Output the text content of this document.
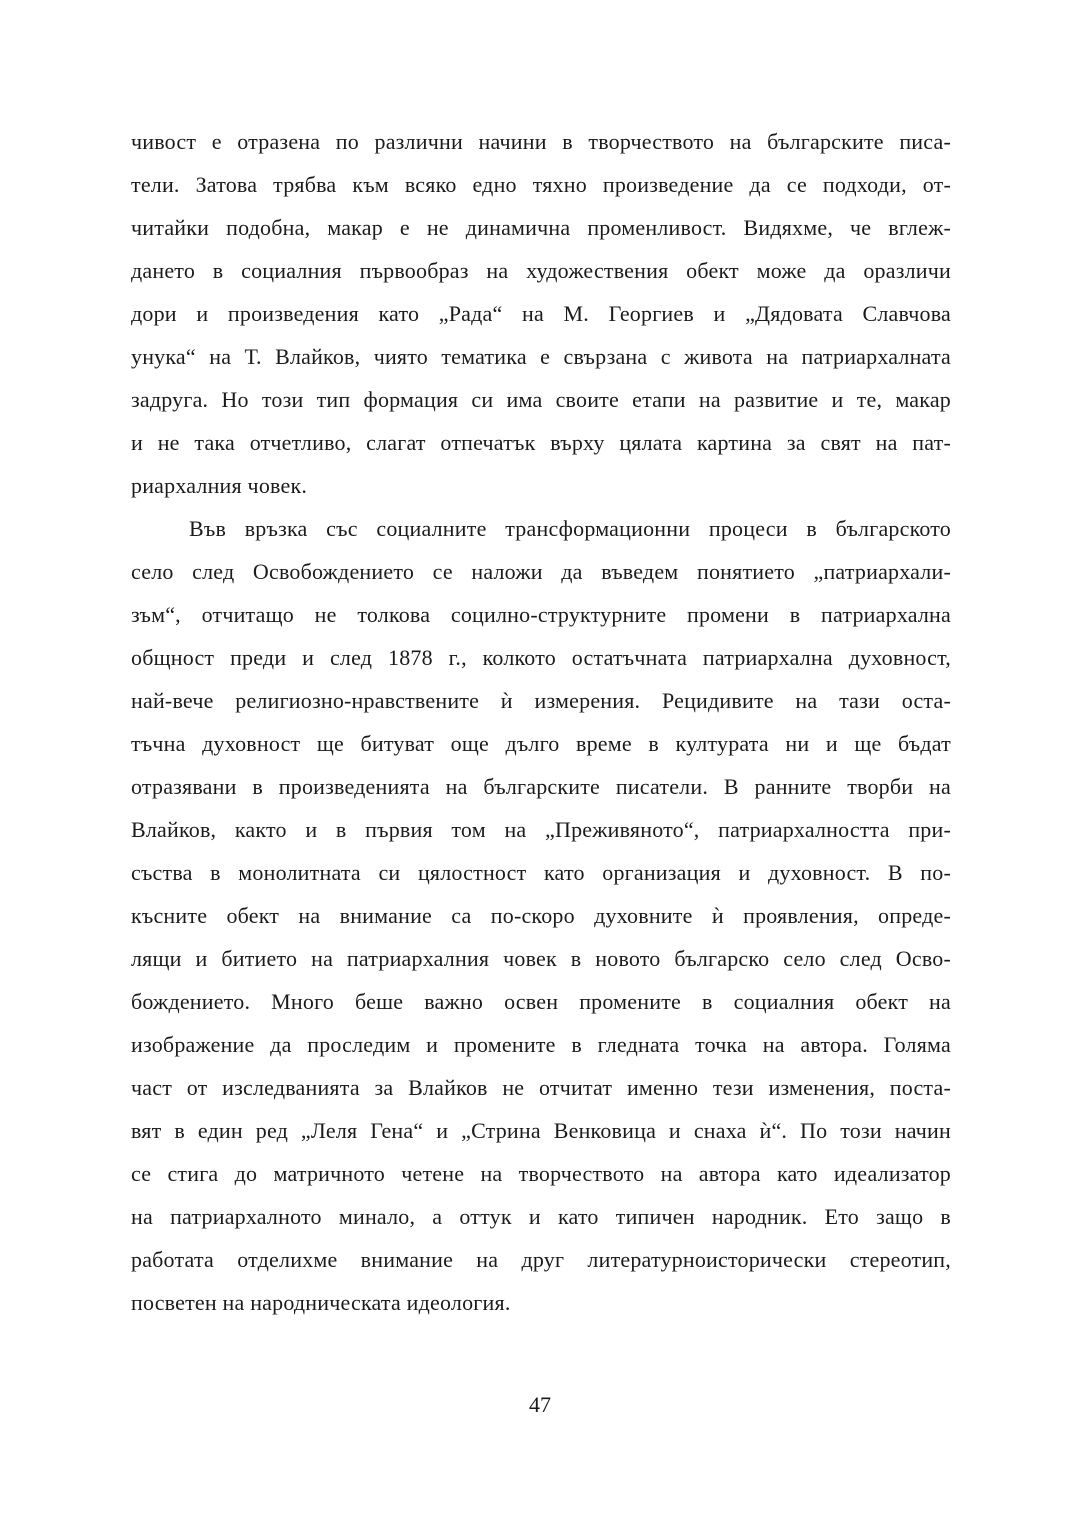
чивост е отразена по различни начини в творчеството на българските писа-
тели. Затова трябва към всяко едно тяхно произведение да се подходи, от-
читайки подобна, макар е не динамична променливост. Видяхме, че вглеж-
дането в социалния първообраз на художествения обект може да оразличи
дори и произведения като „Рада“ на М. Георгиев и „Дядовата Славчова
унука“ на Т. Влайков, чиято тематика е свързана с живота на патриархалната
задруга. Но този тип формация си има своите етапи на развитие и те, макар
и не така отчетливо, слагат отпечатък върху цялата картина за свят на пат-
риархалния човек.
Във връзка със социалните трансформационни процеси в българското
село след Освобождението се наложи да въведем понятието „патриархали-
зъм“, отчитащо не толкова социлно-структурните промени в патриархална
общност преди и след 1878 г., колкото остатъчната патриархална духовност,
най-вече религиозно-нравствените ѝ измерения. Рецидивите на тази оста-
тъчна духовност ще битуват още дълго време в културата ни и ще бъдат
отразявани в произведенията на българските писатели. В ранните творби на
Влайков, както и в първия том на „Преживяното“, патриархалността при-
съства в монолитната си цялостност като организация и духовност. В по-
късните обект на внимание са по-скоро духовните ѝ проявления, опреде-
лящи и битието на патриархалния човек в новото българско село след Осво-
бождението. Много беше важно освен промените в социалния обект на
изображение да проследим и промените в гледната точка на автора. Голяма
част от изследванията за Влайков не отчитат именно тези изменения, поста-
вят в един ред „Леля Гена“ и „Стрина Венковица и снаха ѝ“. По този начин
се стига до матричното четене на творчеството на автора като идеализатор
на патриархалното минало, а оттук и като типичен народник. Ето защо в
работата отделихме внимание на друг литературноисторически стереотип,
посветен на народническата идеология.
47
